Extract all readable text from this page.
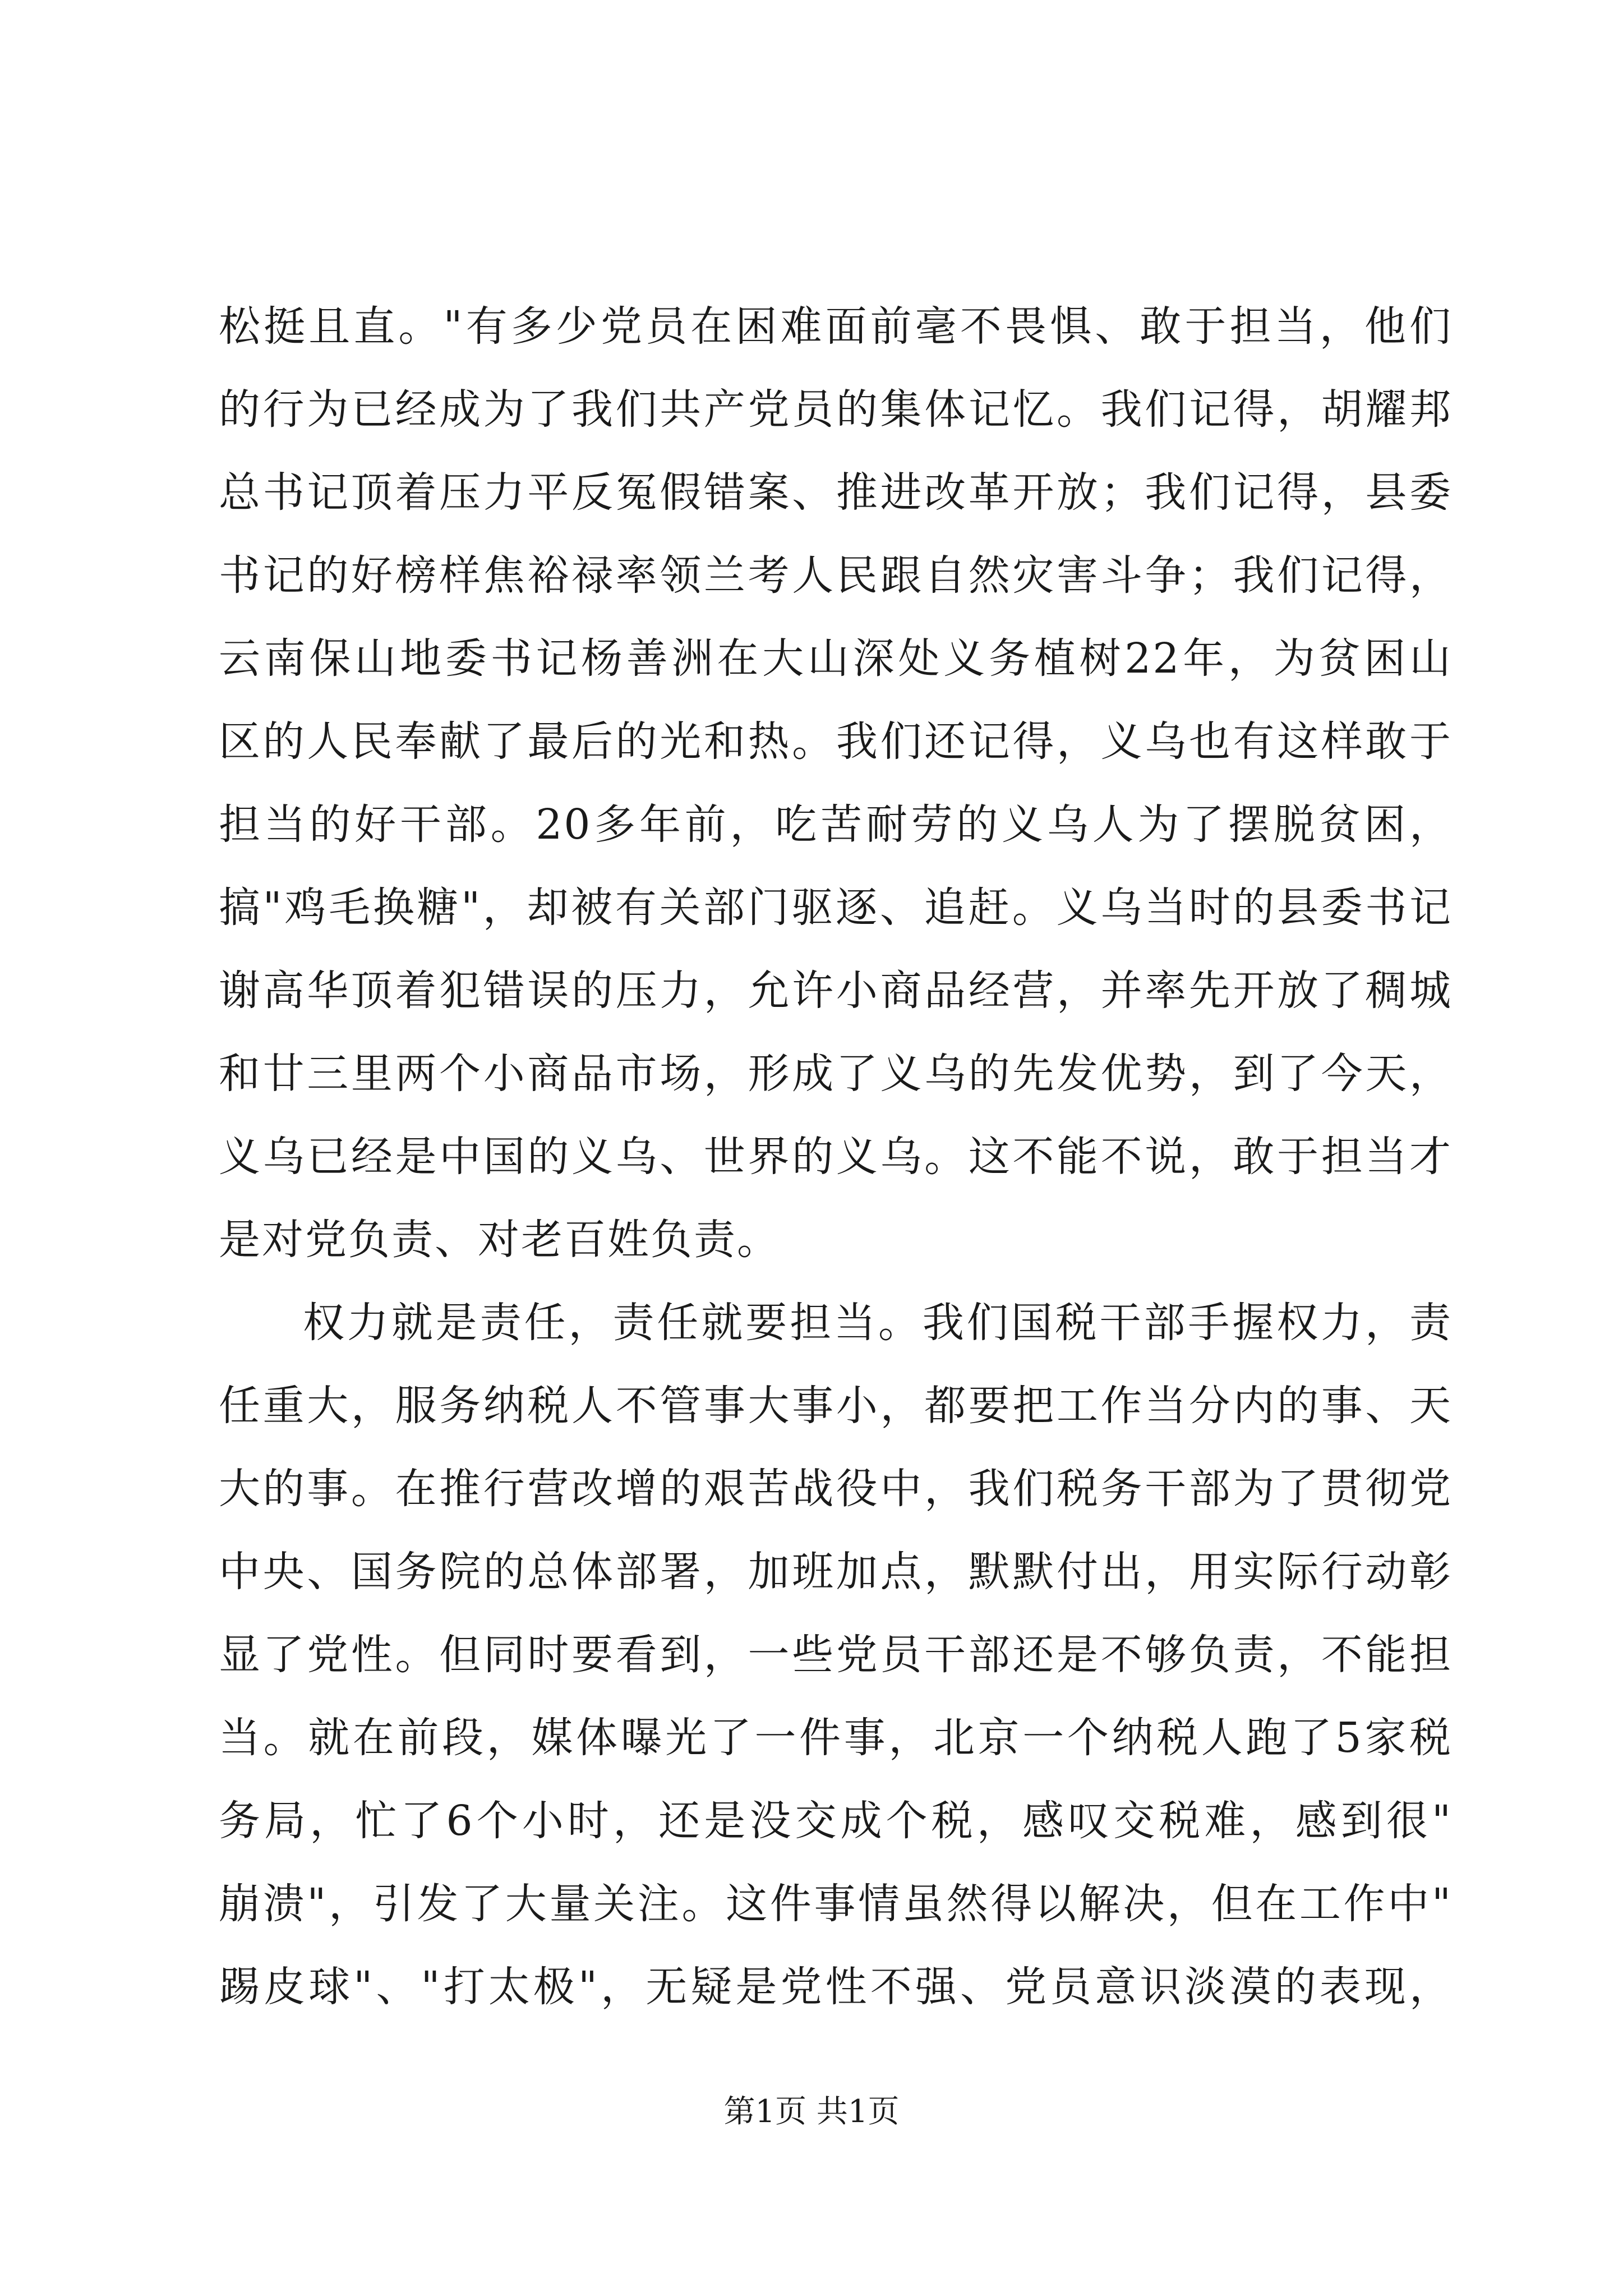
松挺且直。"有多少党员在困难面前毫不畏惧、敢于担当，他们
的行为已经成为了我们共产党员的集体记忆。我们记得，胡耀邦
总书记顶着压力平反冤假错案、推进改革开放；我们记得，县委
书记的好榜样焦裕禄率领兰考人民跟自然灾害斗争；我们记得，
云南保山地委书记杨善洲在大山深处义务植树22年，为贫困山
区的人民奉献了最后的光和热。我们还记得，义乌也有这样敢于
担当的好干部。20多年前，吃苦耐劳的义乌人为了摆脱贫困，
搞"鸡毛换糖"，却被有关部门驱逐、追赶。义乌当时的县委书记
谢高华顶着犯错误的压力，允许小商品经营，并率先开放了稠城
和廿三里两个小商品市场，形成了义乌的先发优势，到了今天，
义乌已经是中国的义乌、世界的义乌。这不能不说，敢于担当才
是对党负责、对老百姓负责。
权力就是责任，责任就要担当。我们国税干部手握权力，责
任重大，服务纳税人不管事大事小，都要把工作当分内的事、天
大的事。在推行营改增的艰苦战役中，我们税务干部为了贯彻党
中央、国务院的总体部署，加班加点，默默付出，用实际行动彰
显了党性。但同时要看到，一些党员干部还是不够负责，不能担
当。就在前段，媒体曝光了一件事，北京一个纳税人跑了5家税
务局，忙了6个小时，还是没交成个税，感叹交税难，感到很"
崩溃"，引发了大量关注。这件事情虽然得以解决，但在工作中"
踢皮球"、"打太极"，无疑是党性不强、党员意识淡漠的表现，
第1页 共1页
